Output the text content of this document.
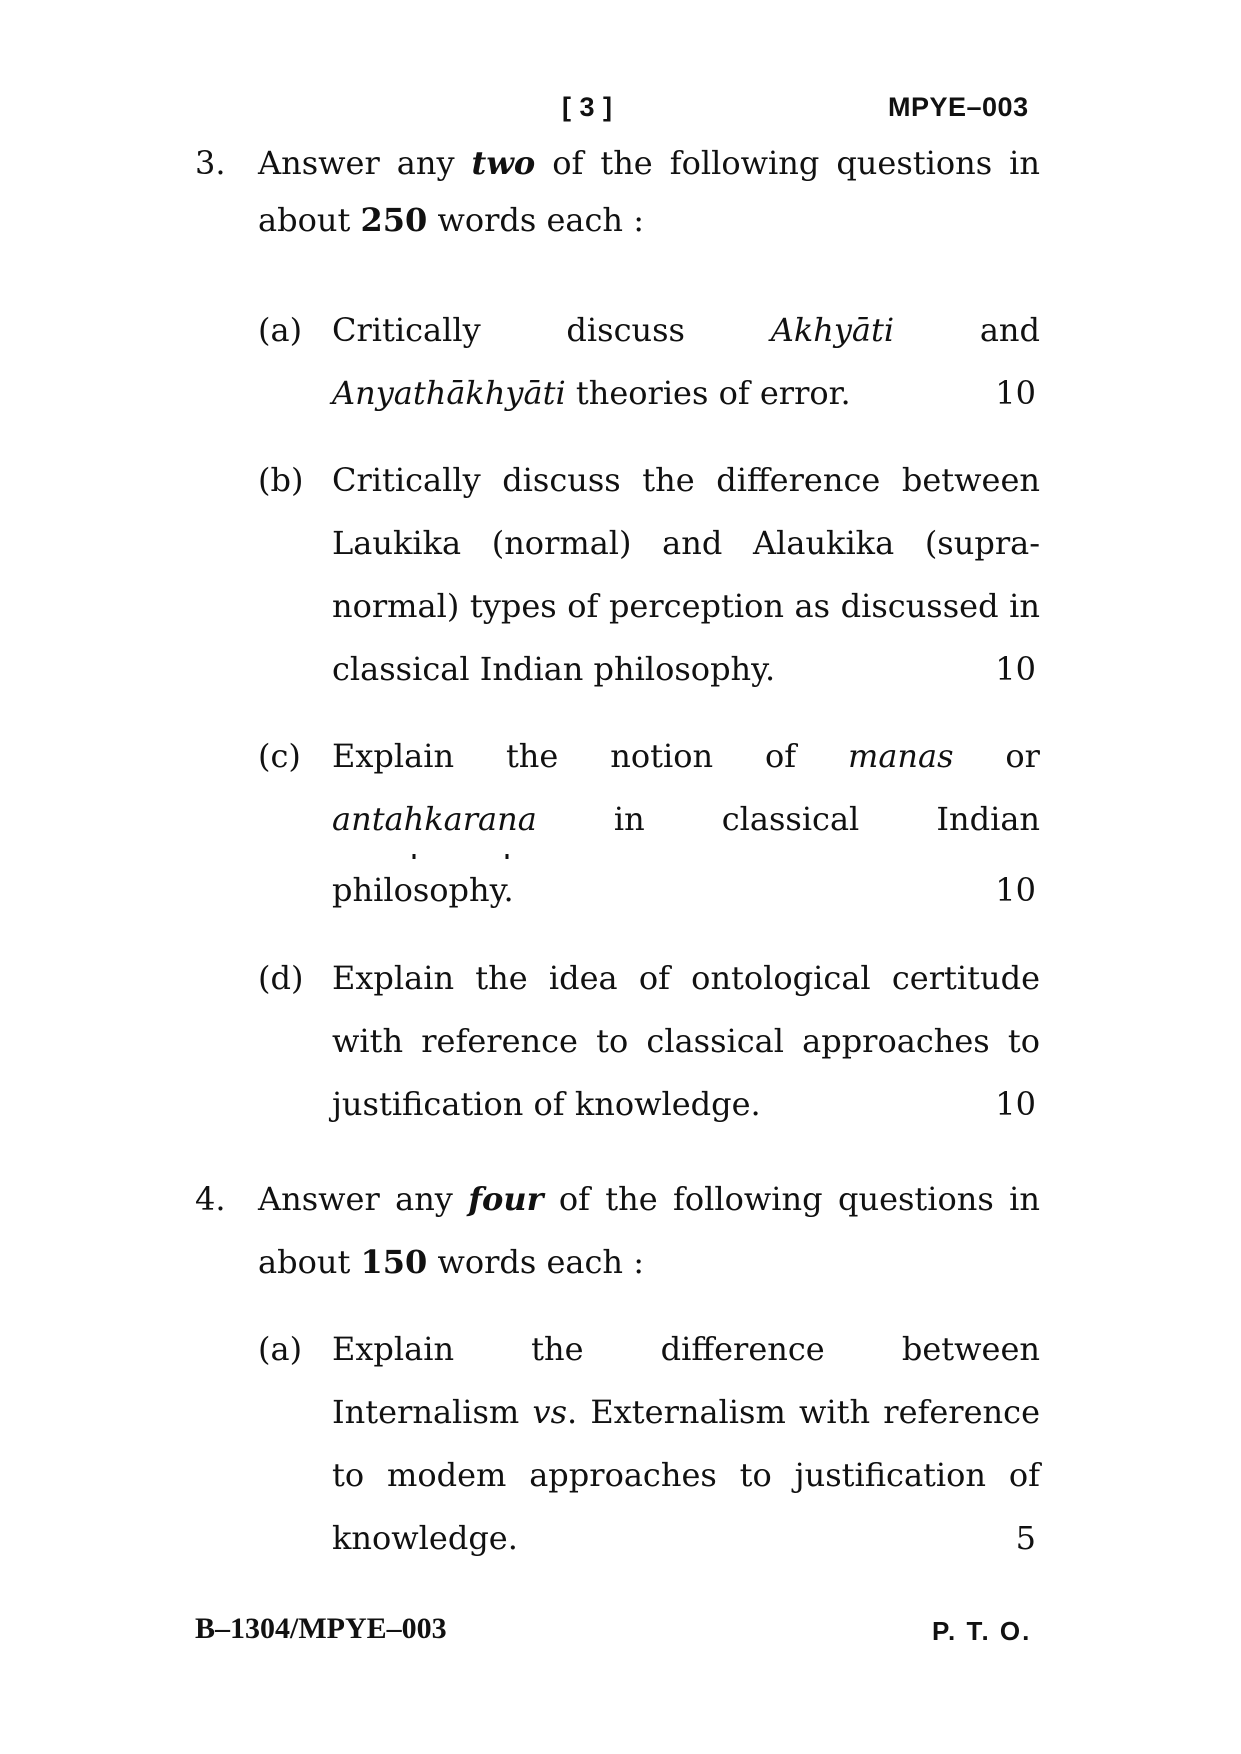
[ 3 ]	MPYE–003
3. Answer any two of the following questions in
about 250 words each :
(a) Critically	discuss	Akhyāti	and
Anyathākhyāti theories of error.	10
(b) Critically discuss the difference between
Laukika (normal) and Alaukika (supra-
normal) types of perception as discussed in
classical Indian philosophy.	10
(c) Explain the notion of manas or
antahkarana in classical Indian
philosophy.	10
(d) Explain the idea of ontological certitude
with reference to classical approaches to
justification of knowledge.	10
4. Answer any four of the following questions in
about 150 words each :
(a) Explain the difference between
Internalism vs. Externalism with reference
to modem approaches to justification of
knowledge.	5
B–1304/MPYE–003	P. T. O.
